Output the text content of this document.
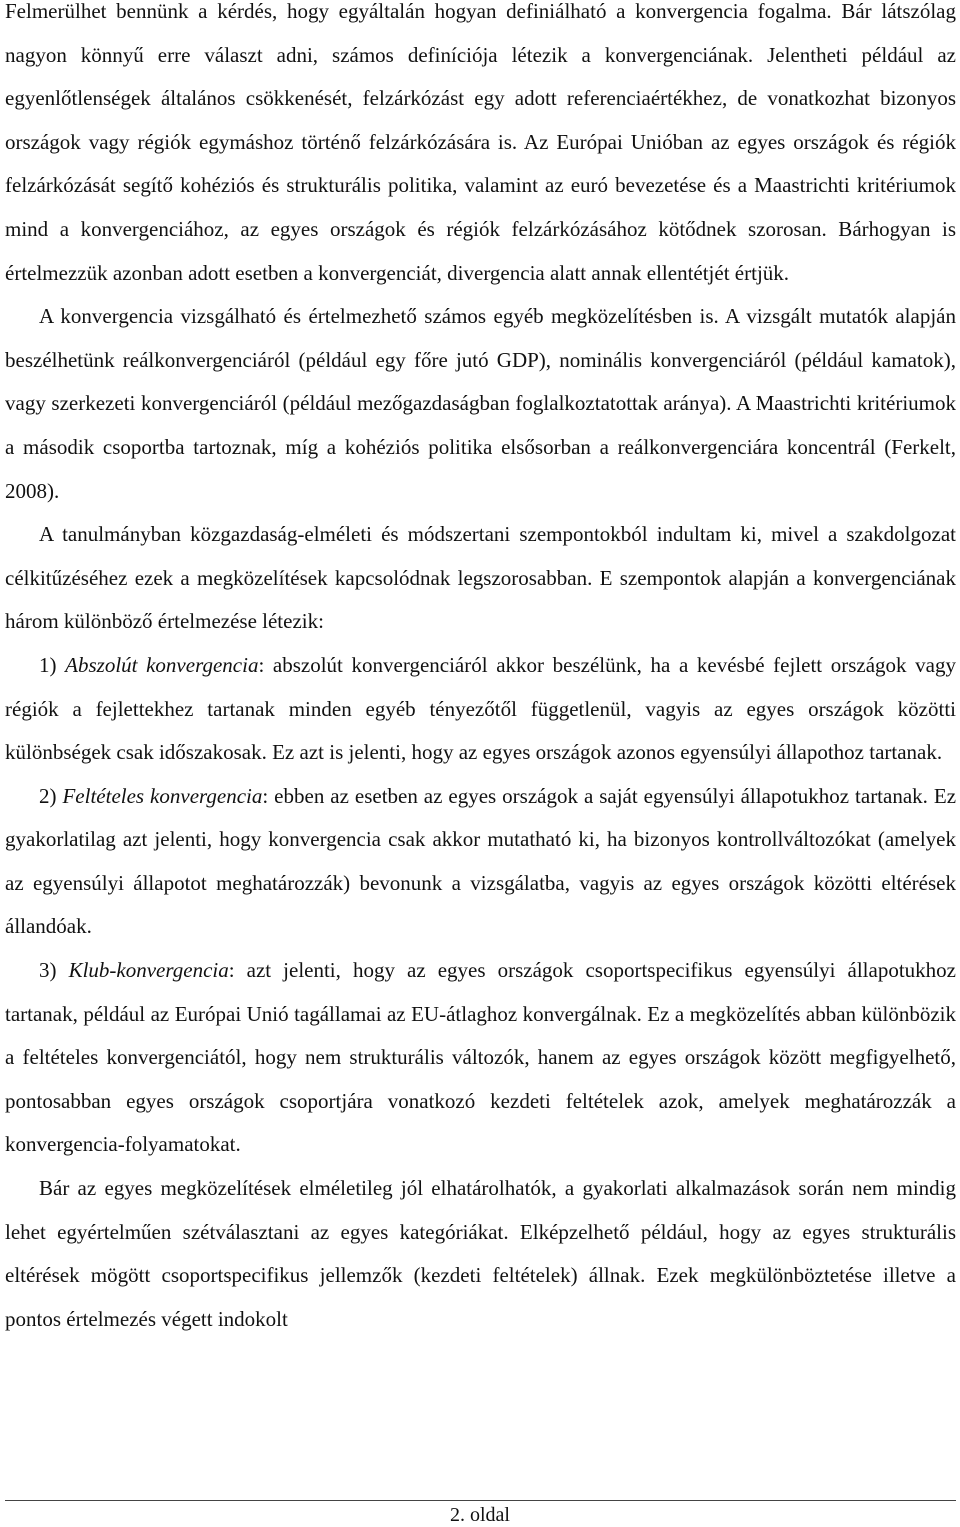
Felmerülhet bennünk a kérdés, hogy egyáltalán hogyan definiálható a konvergencia fogalma. Bár látszólag nagyon könnyű erre választ adni, számos definíciója létezik a konvergenciának. Jelentheti például az egyenlőtlenségek általános csökkenését, felzárkózást egy adott referenciaértékhez, de vonatkozhat bizonyos országok vagy régiók egymáshoz történő felzárkózására is. Az Európai Unióban az egyes országok és régiók felzárkózását segítő kohéziós és strukturális politika, valamint az euró bevezetése és a Maastrichti kritériumok mind a konvergenciához, az egyes országok és régiók felzárkózásához kötődnek szorosan. Bárhogyan is értelmezzük azonban adott esetben a konvergenciát, divergencia alatt annak ellentétjét értjük.

A konvergencia vizsgálható és értelmezhető számos egyéb megközelítésben is. A vizsgált mutatók alapján beszélhetünk reálkonvergenciáról (például egy főre jutó GDP), nominális konvergenciáról (például kamatok), vagy szerkezeti konvergenciáról (például mezőgazdaságban foglalkoztatottak aránya). A Maastrichti kritériumok a második csoportba tartoznak, míg a kohéziós politika elsősorban a reálkonvergenciára koncentrál (Ferkelt, 2008).

A tanulmányban közgazdaság-elméleti és módszertani szempontokból indultam ki, mivel a szakdolgozat célkitűzéséhez ezek a megközelítések kapcsolódnak legszorosabban. E szempontok alapján a konvergenciának három különböző értelmezése létezik:

1) Abszolút konvergencia: abszolút konvergenciáról akkor beszélünk, ha a kevésbé fejlett országok vagy régiók a fejlettekhez tartanak minden egyéb tényezőtől függetlenül, vagyis az egyes országok közötti különbségek csak időszakosak. Ez azt is jelenti, hogy az egyes országok azonos egyensúlyi állapothoz tartanak.

2) Feltételes konvergencia: ebben az esetben az egyes országok a saját egyensúlyi állapotukhoz tartanak. Ez gyakorlatilag azt jelenti, hogy konvergencia csak akkor mutatható ki, ha bizonyos kontrollváltozókat (amelyek az egyensúlyi állapotot meghatározzák) bevonunk a vizsgálatba, vagyis az egyes országok közötti eltérések állandóak.

3) Klub-konvergencia: azt jelenti, hogy az egyes országok csoportspecifikus egyensúlyi állapotukhoz tartanak, például az Európai Unió tagállamai az EU-átlaghoz konvergálnak. Ez a megközelítés abban különbözik a feltételes konvergenciától, hogy nem strukturális változók, hanem az egyes országok között megfigyelhető, pontosabban egyes országok csoportjára vonatkozó kezdeti feltételek azok, amelyek meghatározzák a konvergencia-folyamatokat.

Bár az egyes megközelítések elméletileg jól elhatárolhatók, a gyakorlati alkalmazások során nem mindig lehet egyértelműen szétválasztani az egyes kategóriákat. Elképzelhető például, hogy az egyes strukturális eltérések mögött csoportspecifikus jellemzők (kezdeti feltételek) állnak. Ezek megkülönböztetése illetve a pontos értelmezés végett indokolt

2. oldal
